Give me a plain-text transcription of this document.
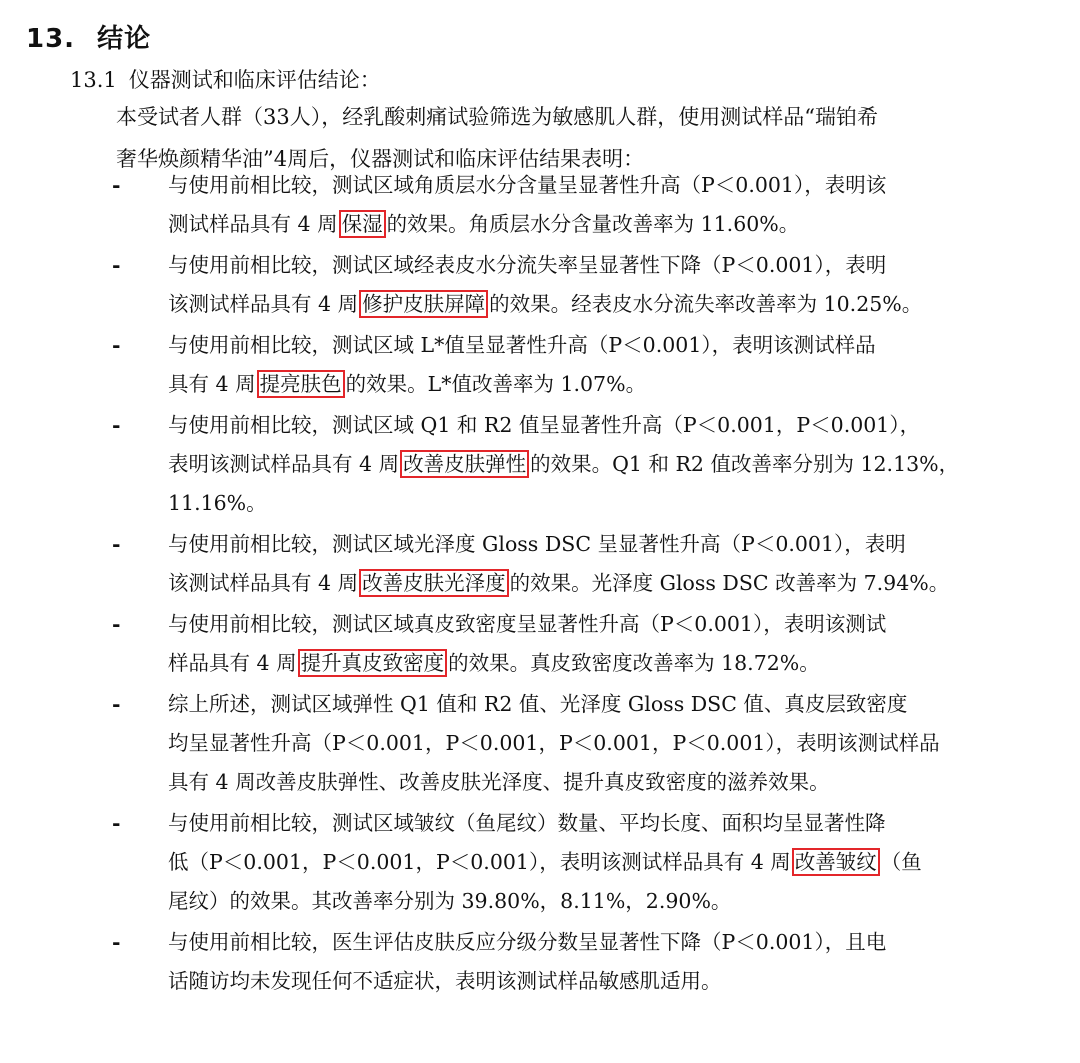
13. 结论
13.1 仪器测试和临床评估结论：
本受试者人群（33人），经乳酸刺痛试验筛选为敏感肌人群，使用测试样品“瑞铂希
奢华焕颜精华油”4周后，仪器测试和临床评估结果表明：
-	与使用前相比较，测试区域角质层水分含量呈显著性升高（P＜0.001），表明该
测试样品具有 4 周 保湿 的效果。角质层水分含量改善率为 11.60%。
-	与使用前相比较，测试区域经表皮水分流失率呈显著性下降（P＜0.001），表明
该测试样品具有 4 周 修护皮肤屏障 的效果。经表皮水分流失率改善率为 10.25%。
-	与使用前相比较，测试区域 L*值呈显著性升高（P＜0.001），表明该测试样品
具有 4 周 提亮肤色 的效果。L*值改善率为 1.07%。
-	与使用前相比较，测试区域 Q1 和 R2 值呈显著性升高（P＜0.001，P＜0.001），
表明该测试样品具有 4 周 改善皮肤弹性 的效果。Q1 和 R2 值改善率分别为 12.13%，
11.16%。
-	与使用前相比较，测试区域光泽度 Gloss DSC 呈显著性升高（P＜0.001），表明
该测试样品具有 4 周 改善皮肤光泽度 的效果。光泽度 Gloss DSC 改善率为 7.94%。
-	与使用前相比较，测试区域真皮致密度呈显著性升高（P＜0.001），表明该测试
样品具有 4 周 提升真皮致密度 的效果。真皮致密度改善率为 18.72%。
-	综上所述，测试区域弹性 Q1 值和 R2 值、光泽度 Gloss DSC 值、真皮层致密度
均呈显著性升高（P＜0.001，P＜0.001，P＜0.001，P＜0.001），表明该测试样品
具有 4 周改善皮肤弹性、改善皮肤光泽度、提升真皮致密度的滋养效果。
-	与使用前相比较，测试区域皱纹（鱼尾纹）数量、平均长度、面积均呈显著性降
低（P＜0.001，P＜0.001，P＜0.001），表明该测试样品具有 4 周 改善皱纹 （鱼
尾纹）的效果。其改善率分别为 39.80%，8.11%，2.90%。
-	与使用前相比较，医生评估皮肤反应分级分数呈显著性下降（P＜0.001），且电
话随访均未发现任何不适症状，表明该测试样品敏感肌适用。
